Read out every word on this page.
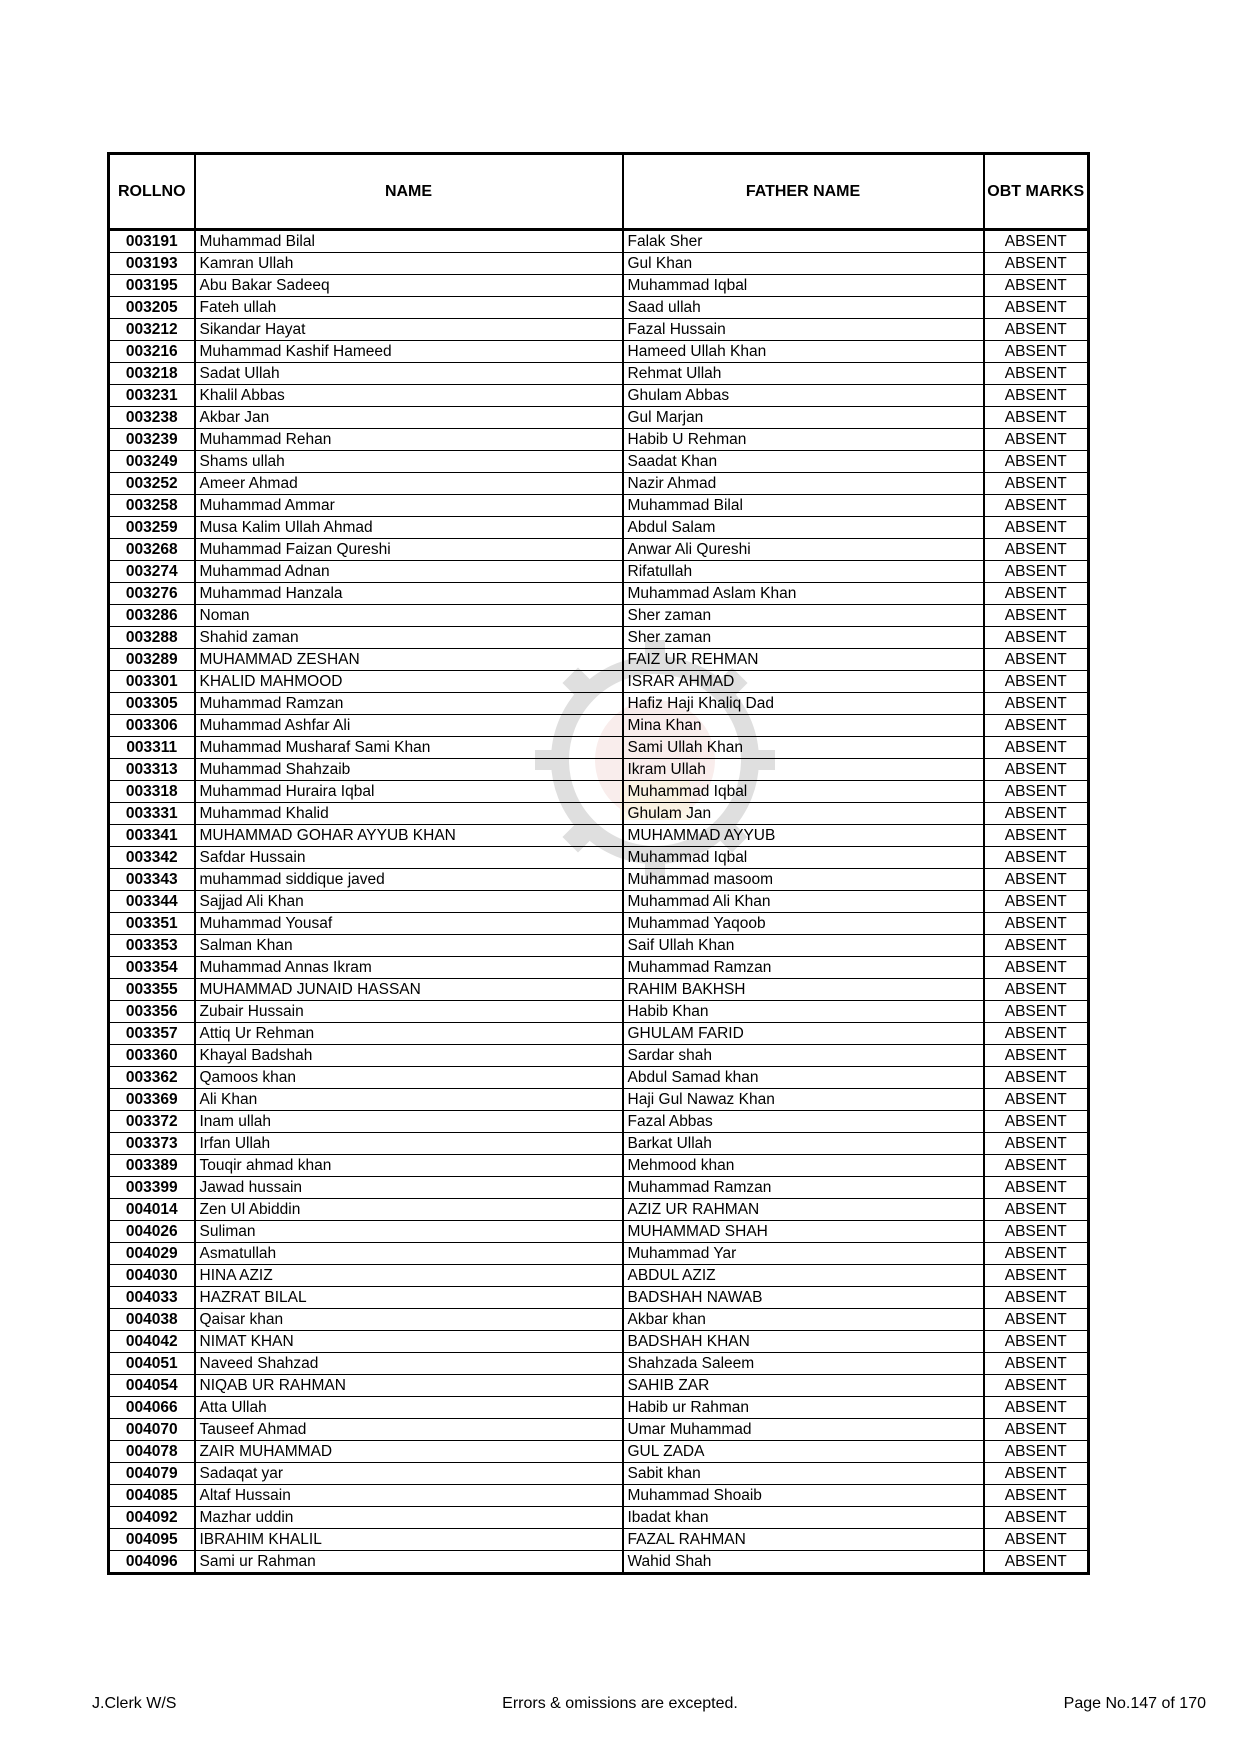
ROLLNO	NAME	FATHER NAME	OBT MARKS
003191	Muhammad Bilal	Falak Sher	ABSENT
003193	Kamran Ullah	Gul Khan	ABSENT
003195	Abu Bakar Sadeeq	Muhammad Iqbal	ABSENT
003205	Fateh ullah	Saad ullah	ABSENT
003212	Sikandar Hayat	Fazal Hussain	ABSENT
003216	Muhammad Kashif Hameed	Hameed Ullah Khan	ABSENT
003218	Sadat Ullah	Rehmat Ullah	ABSENT
003231	Khalil Abbas	Ghulam Abbas	ABSENT
003238	Akbar Jan	Gul Marjan	ABSENT
003239	Muhammad Rehan	Habib U Rehman	ABSENT
003249	Shams ullah	Saadat Khan	ABSENT
003252	Ameer Ahmad	Nazir Ahmad	ABSENT
003258	Muhammad Ammar	Muhammad Bilal	ABSENT
003259	Musa Kalim Ullah Ahmad	Abdul Salam	ABSENT
003268	Muhammad Faizan Qureshi	Anwar Ali Qureshi	ABSENT
003274	Muhammad Adnan	Rifatullah	ABSENT
003276	Muhammad Hanzala	Muhammad Aslam Khan	ABSENT
003286	Noman	Sher zaman	ABSENT
003288	Shahid zaman	Sher zaman	ABSENT
003289	MUHAMMAD ZESHAN	FAIZ UR REHMAN	ABSENT
003301	KHALID MAHMOOD	ISRAR AHMAD	ABSENT
003305	Muhammad Ramzan	Hafiz Haji Khaliq Dad	ABSENT
003306	Muhammad Ashfar Ali	Mina Khan	ABSENT
003311	Muhammad Musharaf Sami Khan	Sami Ullah Khan	ABSENT
003313	Muhammad Shahzaib	Ikram Ullah	ABSENT
003318	Muhammad Huraira Iqbal	Muhammad Iqbal	ABSENT
003331	Muhammad Khalid	Ghulam Jan	ABSENT
003341	MUHAMMAD GOHAR AYYUB KHAN	MUHAMMAD AYYUB	ABSENT
003342	Safdar Hussain	Muhammad Iqbal	ABSENT
003343	muhammad siddique javed	Muhammad masoom	ABSENT
003344	Sajjad Ali Khan	Muhammad Ali Khan	ABSENT
003351	Muhammad Yousaf	Muhammad Yaqoob	ABSENT
003353	Salman Khan	Saif Ullah Khan	ABSENT
003354	Muhammad Annas Ikram	Muhammad Ramzan	ABSENT
003355	MUHAMMAD JUNAID HASSAN	RAHIM BAKHSH	ABSENT
003356	Zubair Hussain	Habib Khan	ABSENT
003357	Attiq Ur Rehman	GHULAM FARID	ABSENT
003360	Khayal Badshah	Sardar shah	ABSENT
003362	Qamoos khan	Abdul Samad khan	ABSENT
003369	Ali Khan	Haji Gul Nawaz Khan	ABSENT
003372	Inam ullah	Fazal Abbas	ABSENT
003373	Irfan Ullah	Barkat Ullah	ABSENT
003389	Touqir ahmad khan	Mehmood khan	ABSENT
003399	Jawad hussain	Muhammad Ramzan	ABSENT
004014	Zen Ul Abiddin	AZIZ UR RAHMAN	ABSENT
004026	Suliman	MUHAMMAD SHAH	ABSENT
004029	Asmatullah	Muhammad Yar	ABSENT
004030	HINA AZIZ	ABDUL AZIZ	ABSENT
004033	HAZRAT BILAL	BADSHAH NAWAB	ABSENT
004038	Qaisar khan	Akbar khan	ABSENT
004042	NIMAT KHAN	BADSHAH KHAN	ABSENT
004051	Naveed Shahzad	Shahzada Saleem	ABSENT
004054	NIQAB UR RAHMAN	SAHIB ZAR	ABSENT
004066	Atta Ullah	Habib ur Rahman	ABSENT
004070	Tauseef Ahmad	Umar Muhammad	ABSENT
004078	ZAIR MUHAMMAD	GUL ZADA	ABSENT
004079	Sadaqat yar	Sabit khan	ABSENT
004085	Altaf Hussain	Muhammad Shoaib	ABSENT
004092	Mazhar uddin	Ibadat khan	ABSENT
004095	IBRAHIM KHALIL	FAZAL RAHMAN	ABSENT
004096	Sami ur Rahman	Wahid Shah	ABSENT
J.Clerk W/S	Errors & omissions are excepted.	Page No.147 of 170
